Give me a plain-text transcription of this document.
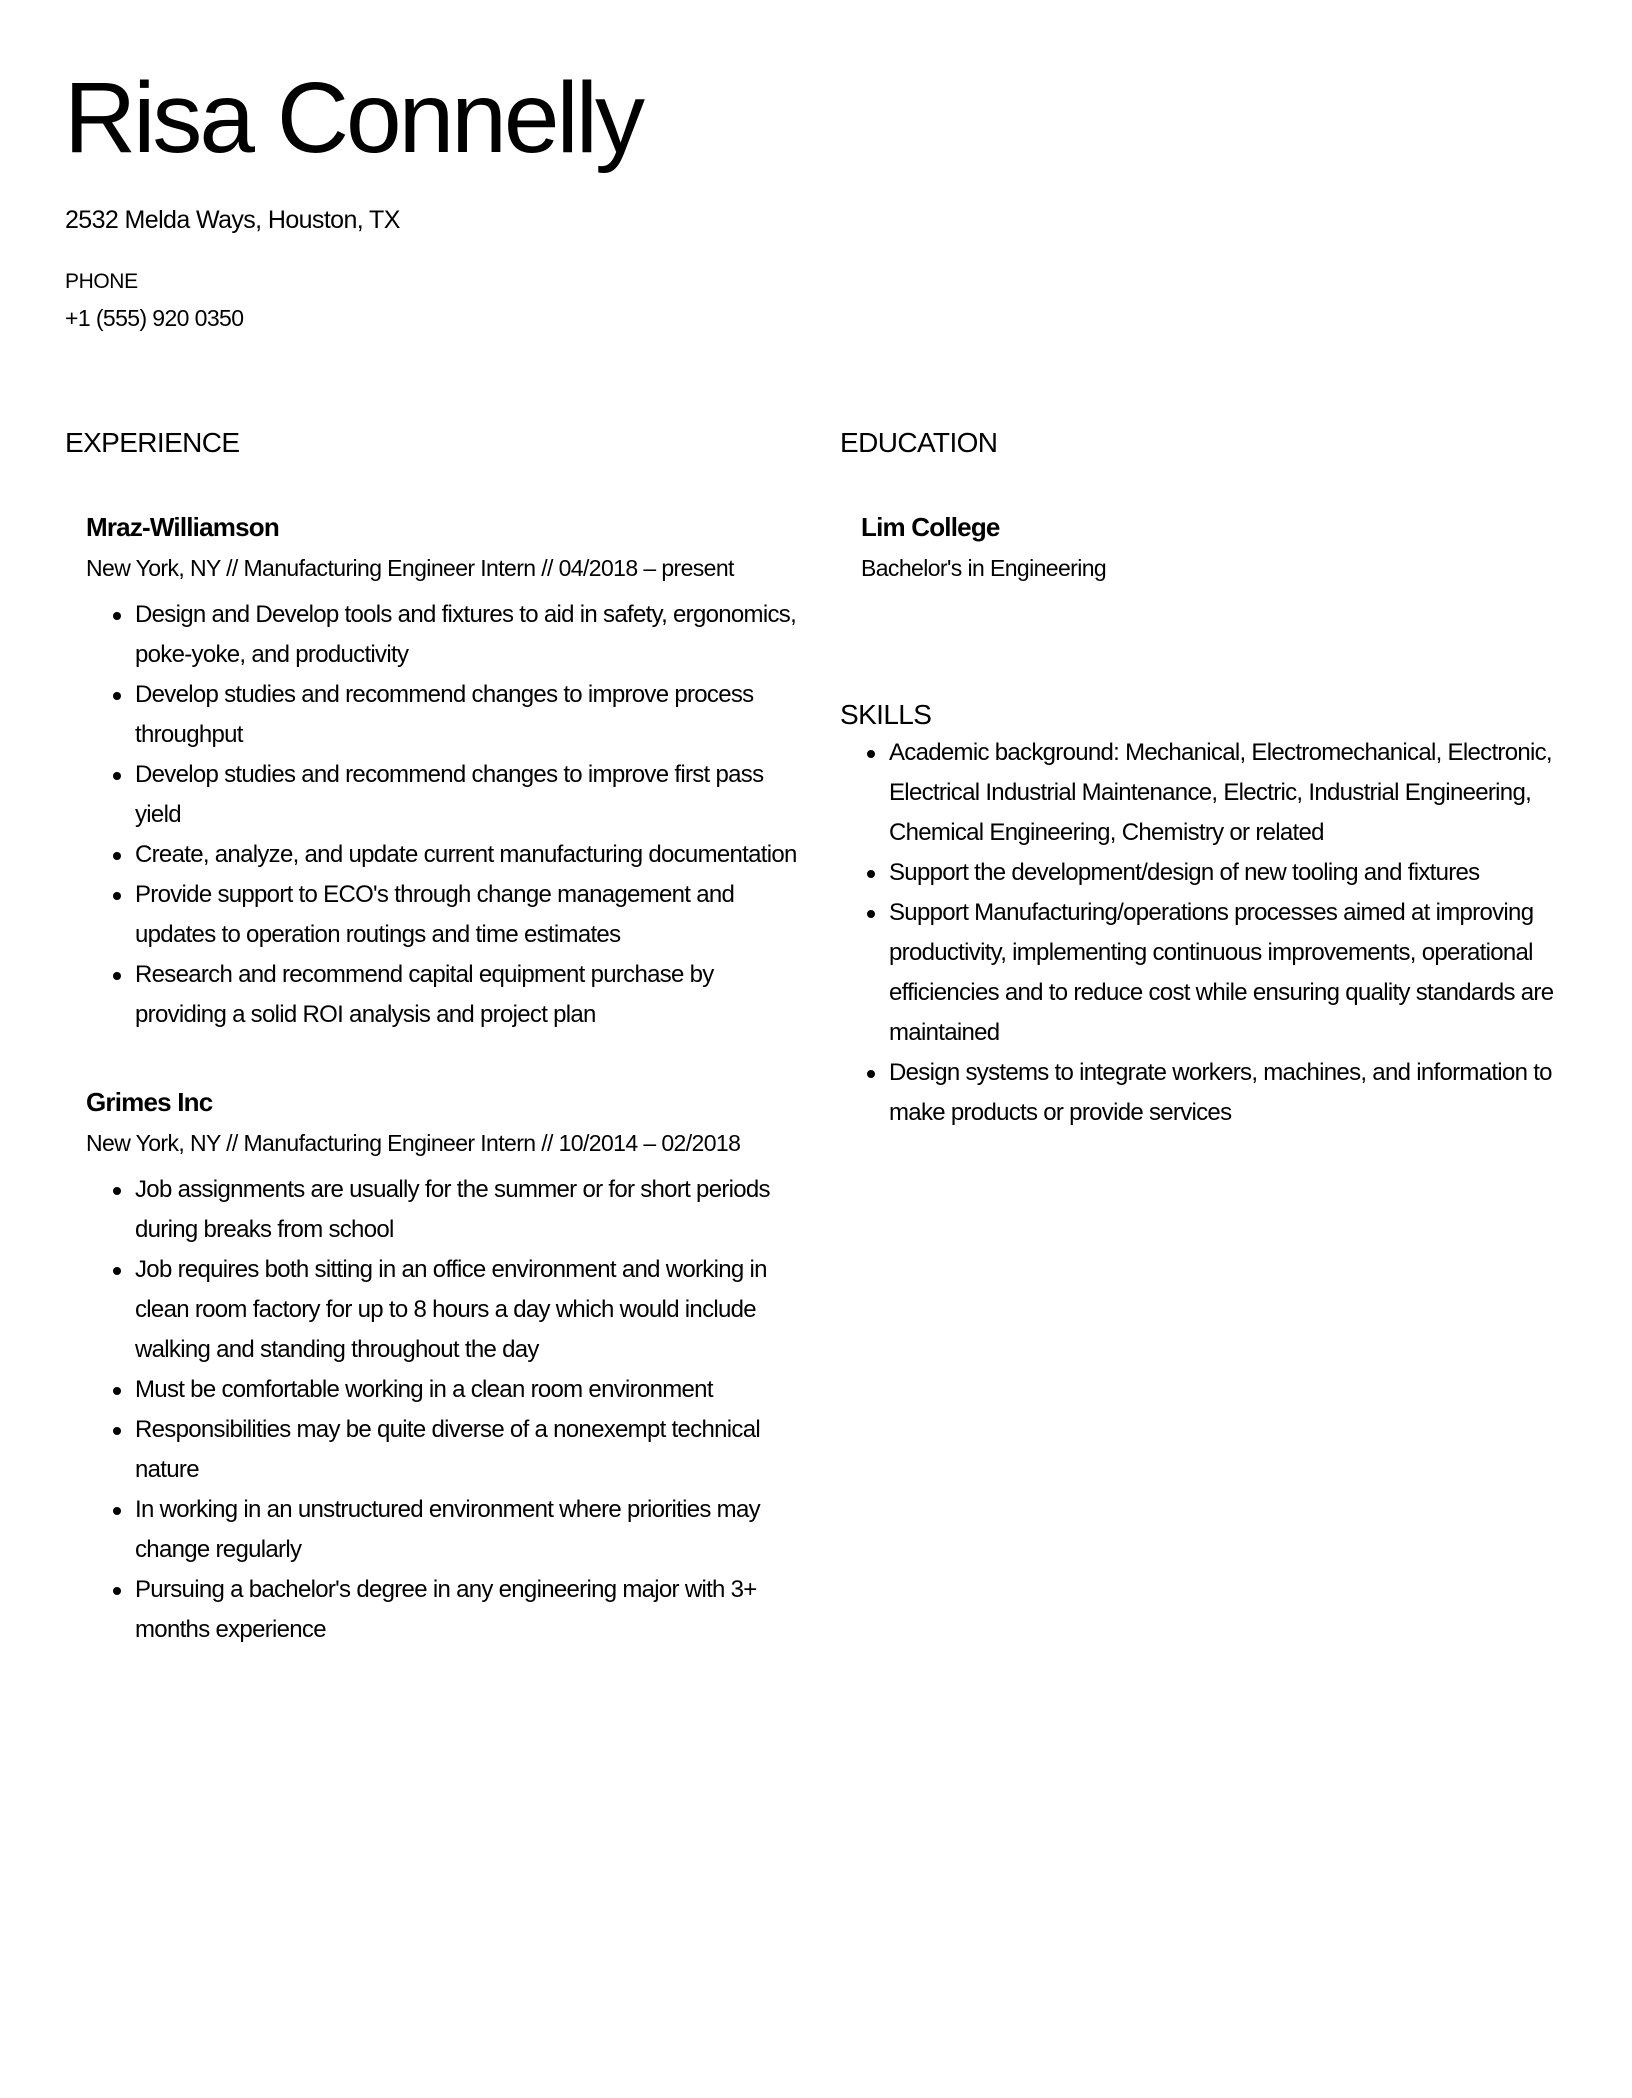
Risa Connelly
2532 Melda Ways, Houston, TX
PHONE
+1 (555) 920 0350
EXPERIENCE
Mraz-Williamson
New York, NY // Manufacturing Engineer Intern // 04/2018 – present
Design and Develop tools and fixtures to aid in safety, ergonomics, poke-yoke, and productivity
Develop studies and recommend changes to improve process throughput
Develop studies and recommend changes to improve first pass yield
Create, analyze, and update current manufacturing documentation
Provide support to ECO's through change management and updates to operation routings and time estimates
Research and recommend capital equipment purchase by providing a solid ROI analysis and project plan
Grimes Inc
New York, NY // Manufacturing Engineer Intern // 10/2014 – 02/2018
Job assignments are usually for the summer or for short periods during breaks from school
Job requires both sitting in an office environment and working in clean room factory for up to 8 hours a day which would include walking and standing throughout the day
Must be comfortable working in a clean room environment
Responsibilities may be quite diverse of a nonexempt technical nature
In working in an unstructured environment where priorities may change regularly
Pursuing a bachelor's degree in any engineering major with 3+ months experience
EDUCATION
Lim College
Bachelor's in Engineering
SKILLS
Academic background: Mechanical, Electromechanical, Electronic, Electrical Industrial Maintenance, Electric, Industrial Engineering, Chemical Engineering, Chemistry or related
Support the development/design of new tooling and fixtures
Support Manufacturing/operations processes aimed at improving productivity, implementing continuous improvements, operational efficiencies and to reduce cost while ensuring quality standards are maintained
Design systems to integrate workers, machines, and information to make products or provide services
